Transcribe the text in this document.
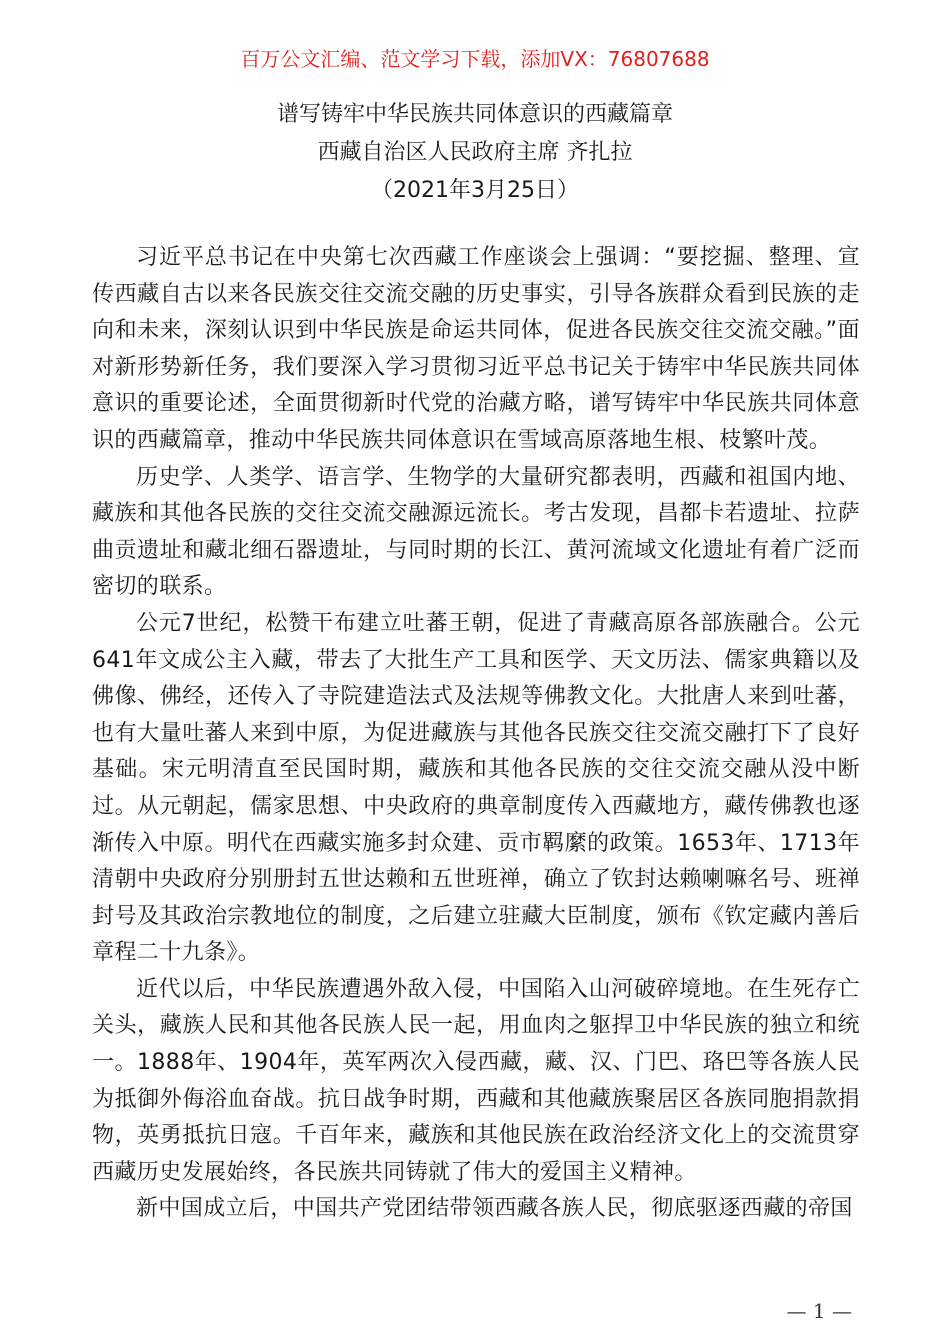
百万公文汇编、范文学习下载，添加VX：76807688
谱写铸牢中华民族共同体意识的西藏篇章
西藏自治区人民政府主席 齐扎拉
（2021年3月25日）

习近平总书记在中央第七次西藏工作座谈会上强调：“要挖掘、整理、宣传西藏自古以来各民族交往交流交融的历史事实，引导各族群众看到民族的走向和未来，深刻认识到中华民族是命运共同体，促进各民族交往交流交融。”面对新形势新任务，我们要深入学习贯彻习近平总书记关于铸牢中华民族共同体意识的重要论述，全面贯彻新时代党的治藏方略，谱写铸牢中华民族共同体意识的西藏篇章，推动中华民族共同体意识在雪域高原落地生根、枝繁叶茂。

历史学、人类学、语言学、生物学的大量研究都表明，西藏和祖国内地、藏族和其他各民族的交往交流交融源远流长。考古发现，昌都卡若遗址、拉萨曲贡遗址和藏北细石器遗址，与同时期的长江、黄河流域文化遗址有着广泛而密切的联系。

公元7世纪，松赞干布建立吐蕃王朝，促进了青藏高原各部族融合。公元641年文成公主入藏，带去了大批生产工具和医学、天文历法、儒家典籍以及佛像、佛经，还传入了寺院建造法式及法规等佛教文化。大批唐人来到吐蕃，也有大量吐蕃人来到中原，为促进藏族与其他各民族交往交流交融打下了良好基础。宋元明清直至民国时期，藏族和其他各民族的交往交流交融从没中断过。从元朝起，儒家思想、中央政府的典章制度传入西藏地方，藏传佛教也逐渐传入中原。明代在西藏实施多封众建、贡市羁縻的政策。1653年、1713年清朝中央政府分别册封五世达赖和五世班禅，确立了钦封达赖喇嘛名号、班禅封号及其政治宗教地位的制度，之后建立驻藏大臣制度，颁布《钦定藏内善后章程二十九条》。

近代以后，中华民族遭遇外敌入侵，中国陷入山河破碎境地。在生死存亡关头，藏族人民和其他各民族人民一起，用血肉之躯捍卫中华民族的独立和统一。1888年、1904年，英军两次入侵西藏，藏、汉、门巴、珞巴等各族人民为抵御外侮浴血奋战。抗日战争时期，西藏和其他藏族聚居区各族同胞捐款捐物，英勇抵抗日寇。千百年来，藏族和其他民族在政治经济文化上的交流贯穿西藏历史发展始终，各民族共同铸就了伟大的爱国主义精神。

新中国成立后，中国共产党团结带领西藏各族人民，彻底驱逐西藏的帝国

— 1 —
